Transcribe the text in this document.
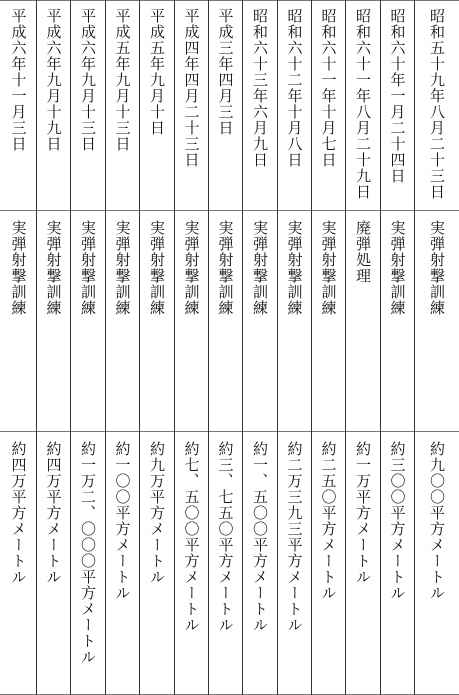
昭和五十九年八月二十三日
実弾射撃訓練
約九〇〇平方メートル
昭和六十年一月二十四日
実弾射撃訓練
約三〇〇平方メートル
昭和六十一年八月二十九日
廃弾処理
約一万平方メートル
昭和六十一年十月七日
実弾射撃訓練
約二五〇平方メートル
昭和六十二年十月八日
実弾射撃訓練
約二万三九三平方メートル
昭和六十三年六月九日
実弾射撃訓練
約一、五〇〇平方メートル
平成三年四月三日
実弾射撃訓練
約三、七五〇平方メートル
平成四年四月二十三日
実弾射撃訓練
約七、五〇〇平方メートル
平成五年九月十日
実弾射撃訓練
約九万平方メートル
平成五年九月十三日
実弾射撃訓練
約一〇〇平方メートル
平成六年九月十三日
実弾射撃訓練
約一万二、〇〇〇平方メートル
平成六年九月十九日
実弾射撃訓練
約四万平方メートル
平成六年十一月三日
実弾射撃訓練
約四万平方メートル
